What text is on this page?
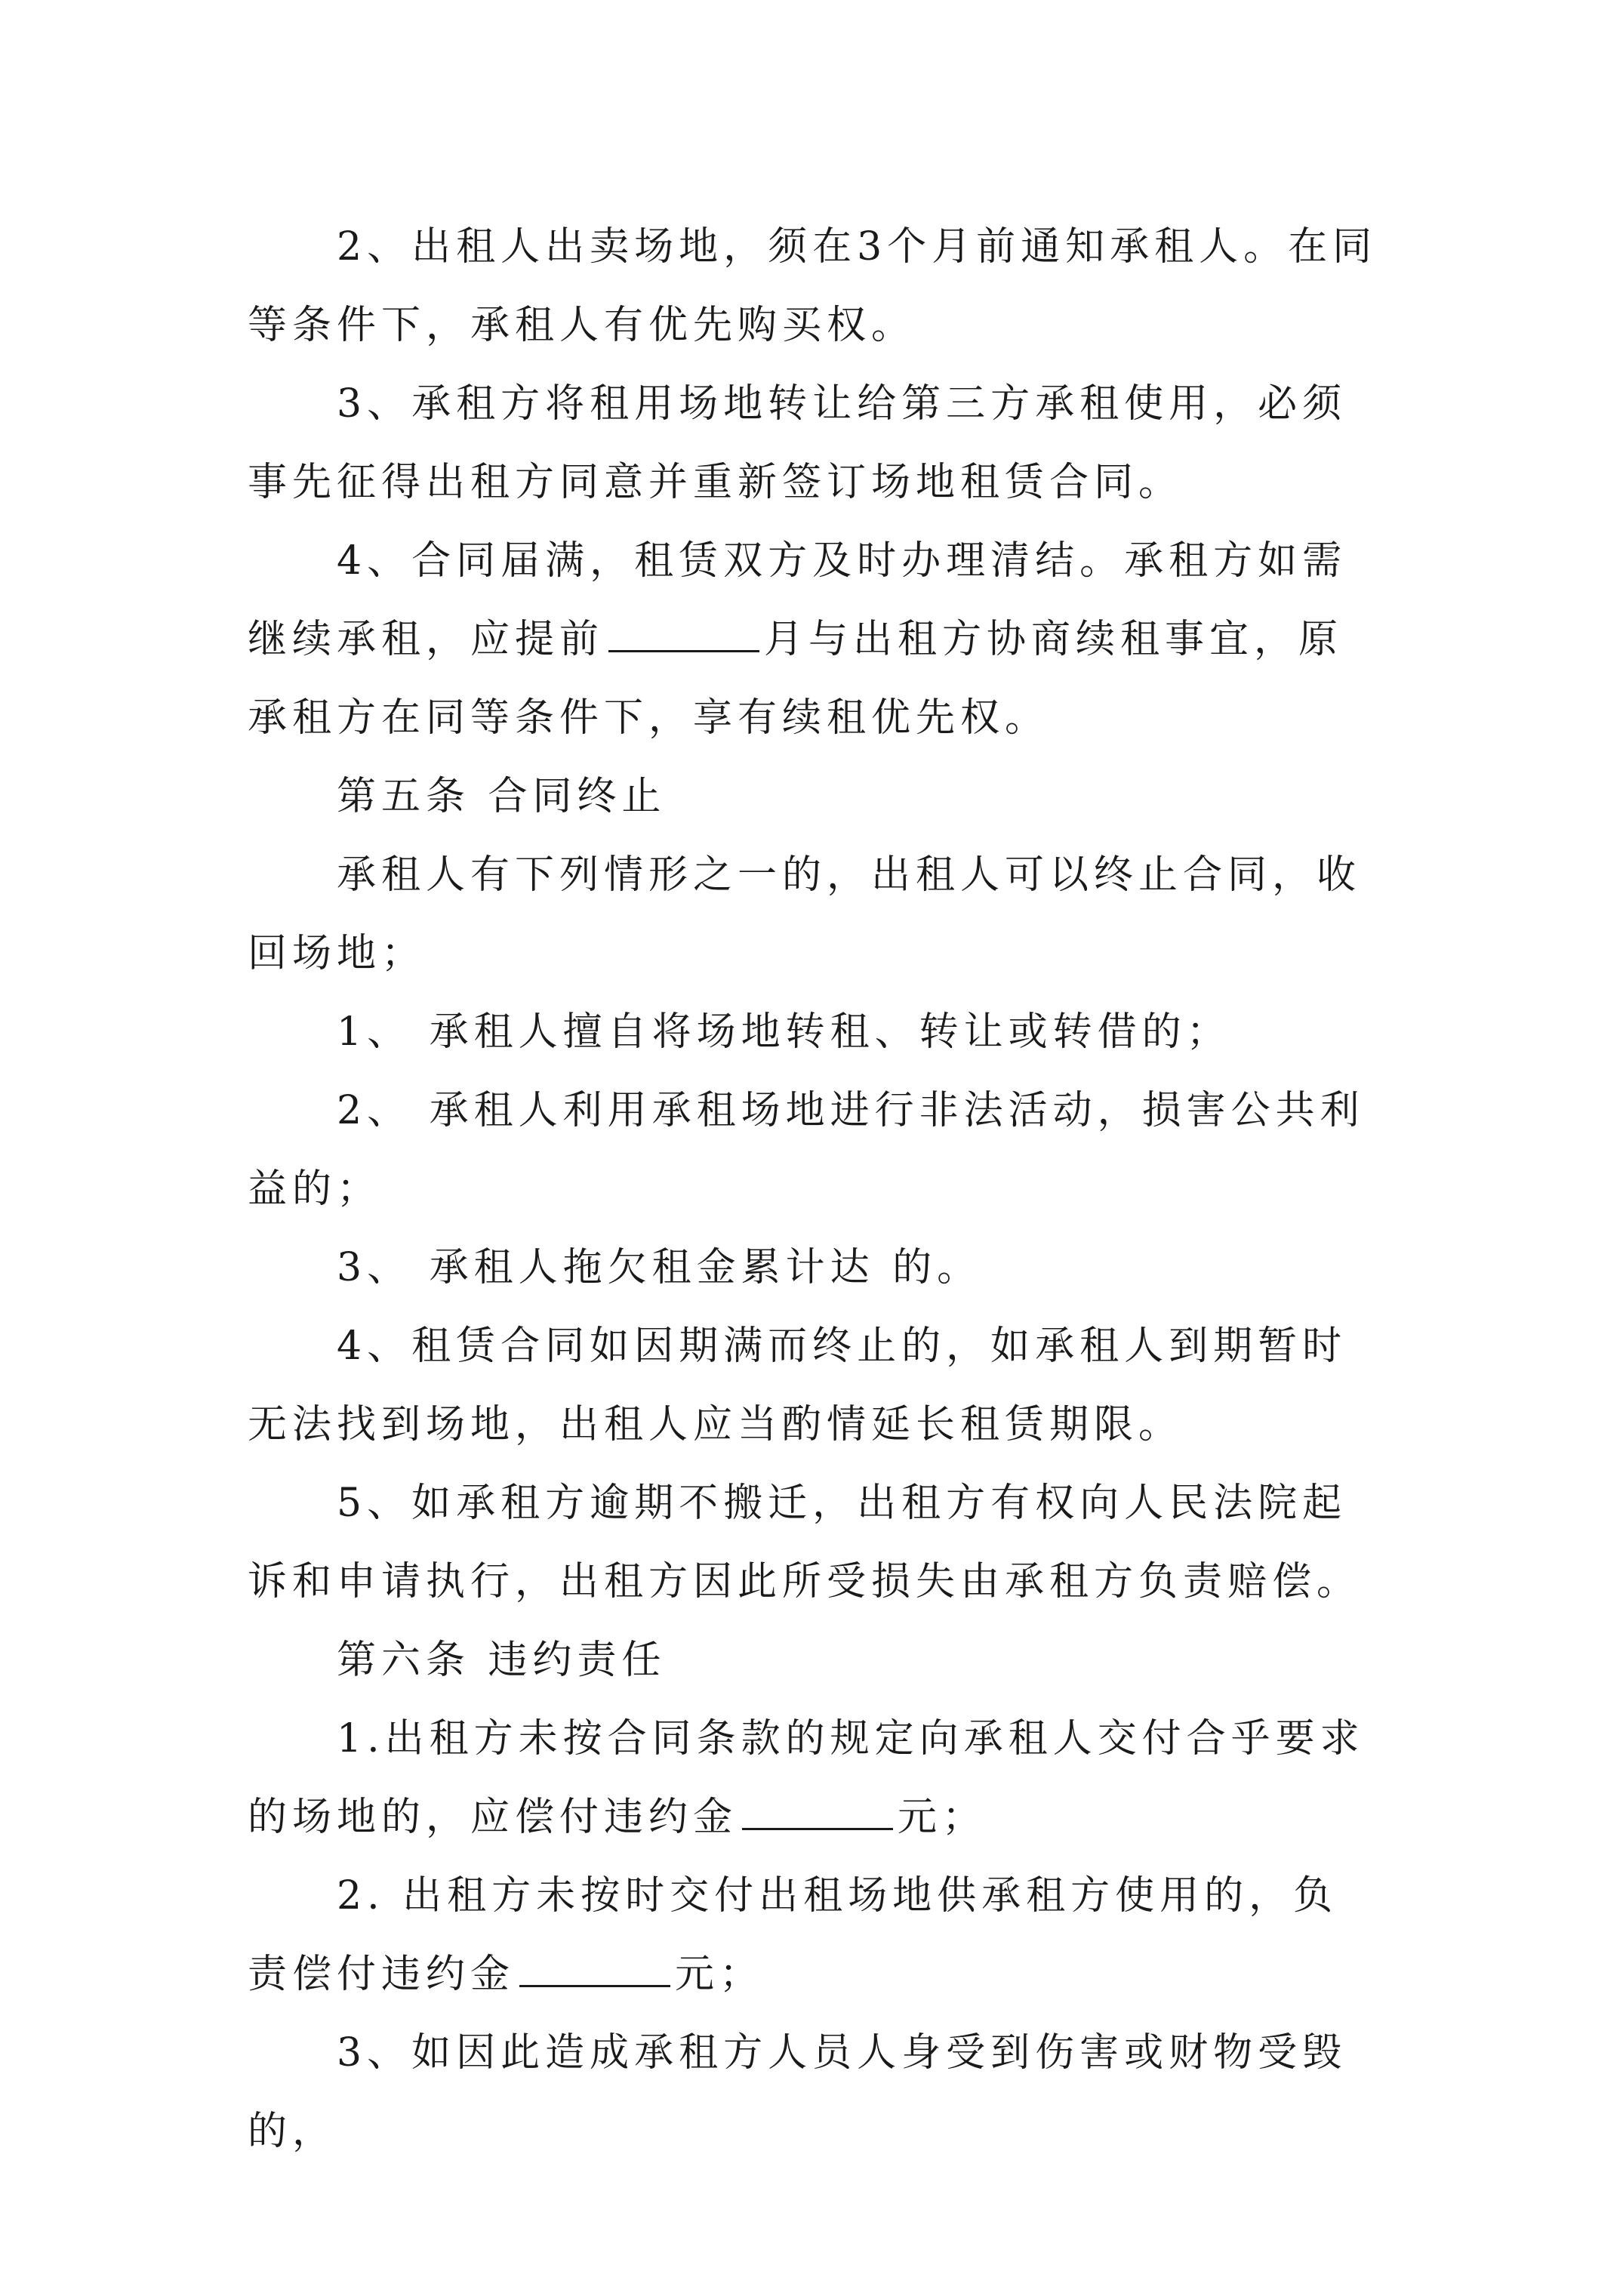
2、出租人出卖场地，须在3个月前通知承租人。在同等条件下，承租人有优先购买权。

3、承租方将租用场地转让给第三方承租使用，必须事先征得出租方同意并重新签订场地租赁合同。

4、合同届满，租赁双方及时办理清结。承租方如需继续承租，应提前	月与出租方协商续租事宜，原承租方在同等条件下，享有续租优先权。

第五条 合同终止

承租人有下列情形之一的，出租人可以终止合同，收回场地；

1、 承租人擅自将场地转租、转让或转借的；

2、 承租人利用承租场地进行非法活动，损害公共利益的；

3、 承租人拖欠租金累计达 的。

4、租赁合同如因期满而终止的，如承租人到期暂时无法找到场地，出租人应当酌情延长租赁期限。

5、如承租方逾期不搬迁，出租方有权向人民法院起诉和申请执行，出租方因此所受损失由承租方负责赔偿。

第六条 违约责任

1.出租方未按合同条款的规定向承租人交付合乎要求的场地的，应偿付违约金	元；

2. 出租方未按时交付出租场地供承租方使用的，负责偿付违约金	元；

3、如因此造成承租方人员人身受到伤害或财物受毁的，
